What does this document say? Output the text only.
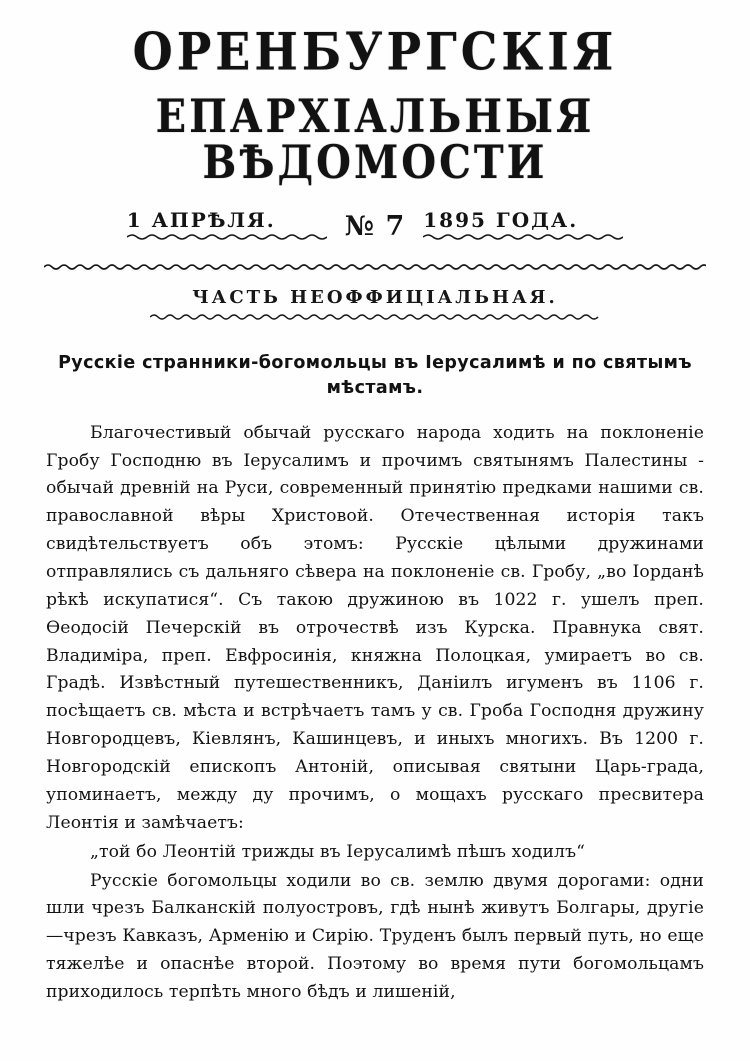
ОРЕНБУРГСКІЯ
ЕПАРХІАЛЬНЫЯ ВѢДОМОСТИ
1 АПРѢЛЯ.	№ 7 1895 ГОДА.
ЧАСТЬ НЕОФФИЦІАЛЬНАЯ.
Русскіе странники-богомольцы въ Іерусалимѣ и по святымъ мѣстамъ.

Благочестивый обычай русскаго народа ходить на поклоненіе Гробу Господню въ Іерусалимъ и прочимъ святынямъ Палестины - обычай древній на Руси, современный принятію предками нашими св. православной вѣры Христовой. Отечественная исторія такъ свидѣтельствуетъ объ этомъ: Русскіе цѣлыми дружинами отправлялись съ дальняго сѣвера на поклоненіе св. Гробу, „во Іорданѣ рѣкѣ искупатися“. Съ такою дружиною въ 1022 г. ушелъ преп. Ѳеодосій Печерскій въ отрочествѣ изъ Курска. Правнука свят. Владиміра, преп. Евфросинія, княжна Полоцкая, умираетъ во св. Градѣ. Извѣстный путешественникъ, Даніилъ игуменъ въ 1106 г. посѣщаетъ св. мѣста и встрѣчаетъ тамъ у св. Гроба Господня дружину Новгородцевъ, Кіевлянъ, Кашинцевъ, и иныхъ многихъ. Въ 1200 г. Новгородскій епископъ Антоній, описывая святыни Царь-града, упоминаетъ, между ду прочимъ, о мощахъ русскаго пресвитера Леонтія и замѣчаетъ:

„той бо Леонтій трижды въ Іерусалимѣ пѣшъ ходилъ“

Русскіе богомольцы ходили во св. землю двумя дорогами: одни шли чрезъ Балканскій полуостровъ, гдѣ нынѣ живутъ Болгары, другіе—чрезъ Кавказъ, Арменію и Сирію. Труденъ былъ первый путь, но еще тяжелѣе и опаснѣе второй. Поэтому во время пути богомольцамъ приходилось терпѣть много бѣдъ и лишеній,
